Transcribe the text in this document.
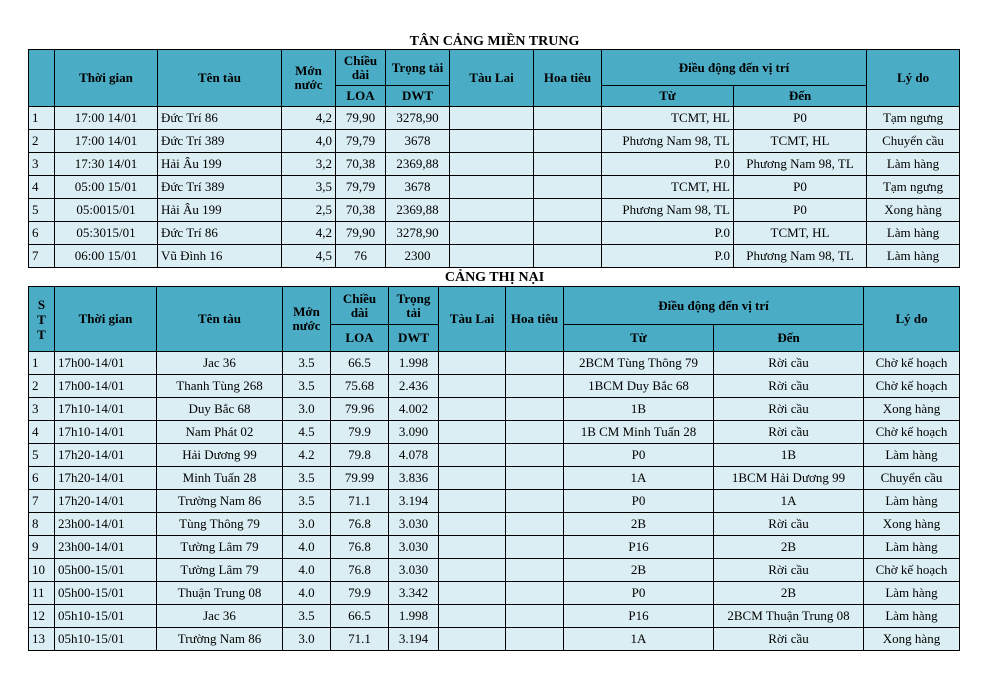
TÂN CẢNG MIỀN TRUNG
	Thời gian	Tên tàu	Mớn nước	Chiều dài	Trọng tải	Tàu Lai	Hoa tiêu	Điều động đến vị trí		Lý do
				LOA	DWT			Từ	Đến	
1	17:00 14/01	Đức Trí 86	4,2	79,90	3278,90			TCMT, HL	P0	Tạm ngưng
2	17:00 14/01	Đức Trí 389	4,0	79,79	3678			Phương Nam 98, TL	TCMT, HL	Chuyển cầu
3	17:30 14/01	Hải Âu 199	3,2	70,38	2369,88			P.0	Phương Nam 98, TL	Làm hàng
4	05:00 15/01	Đức Trí 389	3,5	79,79	3678			TCMT, HL	P0	Tạm ngưng
5	05:0015/01	Hải Âu 199	2,5	70,38	2369,88			Phương Nam 98, TL	P0	Xong hàng
6	05:3015/01	Đức Trí 86	4,2	79,90	3278,90			P.0	TCMT, HL	Làm hàng
7	06:00 15/01	Vũ Đình 16	4,5	76	2300			P.0	Phương Nam 98, TL	Làm hàng
CẢNG THỊ NẠI
S T T	Thời gian	Tên tàu	Mớn nước	Chiều dài	Trọng tải	Tàu Lai	Hoa tiêu	Điều động đến vị trí		Lý do
				LOA	DWT			Từ	Đến	
1	17h00-14/01	Jac 36	3.5	66.5	1.998			2BCM Tùng Thông 79	Rời cầu	Chờ kế hoạch
2	17h00-14/01	Thanh Tùng 268	3.5	75.68	2.436			1BCM Duy Bắc 68	Rời cầu	Chờ kế hoạch
3	17h10-14/01	Duy Bắc 68	3.0	79.96	4.002			1B	Rời cầu	Xong hàng
4	17h10-14/01	Nam Phát 02	4.5	79.9	3.090			1B CM Minh Tuấn 28	Rời cầu	Chờ kế hoạch
5	17h20-14/01	Hải Dương 99	4.2	79.8	4.078			P0	1B	Làm hàng
6	17h20-14/01	Minh Tuấn 28	3.5	79.99	3.836			1A	1BCM Hải Dương 99	Chuyển cầu
7	17h20-14/01	Trường Nam 86	3.5	71.1	3.194			P0	1A	Làm hàng
8	23h00-14/01	Tùng Thông 79	3.0	76.8	3.030			2B	Rời cầu	Xong hàng
9	23h00-14/01	Tường Lâm 79	4.0	76.8	3.030			P16	2B	Làm hàng
10	05h00-15/01	Tường Lâm 79	4.0	76.8	3.030			2B	Rời cầu	Chờ kế hoạch
11	05h00-15/01	Thuận Trung 08	4.0	79.9	3.342			P0	2B	Làm hàng
12	05h10-15/01	Jac 36	3.5	66.5	1.998			P16	2BCM Thuận Trung 08	Làm hàng
13	05h10-15/01	Trường Nam 86	3.0	71.1	3.194			1A	Rời cầu	Xong hàng
